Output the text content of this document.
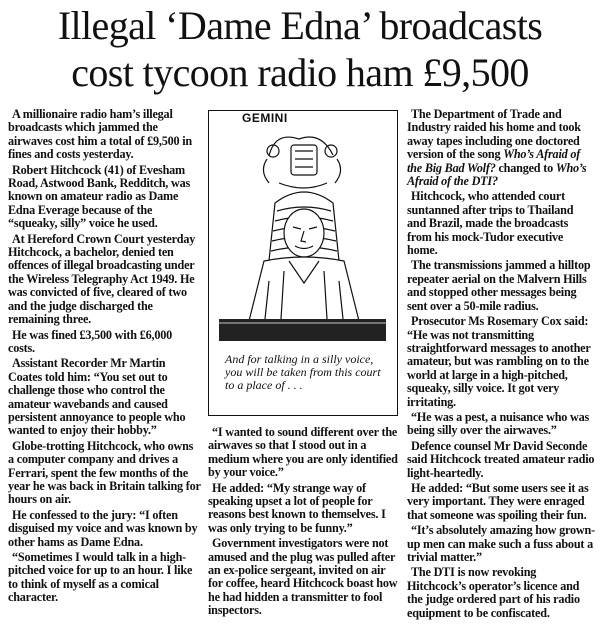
Illegal ‘Dame Edna’ broadcasts
cost tycoon radio ham £9,500

A millionaire radio ham’s illegal broadcasts which jammed the airwaves cost him a total of £9,500 in fines and costs yesterday.

Robert Hitchcock (41) of Evesham Road, Astwood Bank, Redditch, was known on amateur radio as Dame Edna Everage because of the “squeaky, silly” voice he used.

At Hereford Crown Court yesterday Hitchcock, a bachelor, denied ten offences of illegal broadcasting under the Wireless Telegraphy Act 1949. He was convicted of five, cleared of two and the judge discharged the remaining three.

He was fined £3,500 with £6,000 costs.

Assistant Recorder Mr Martin Coates told him: “You set out to challenge those who control the amateur wavebands and caused persistent annoyance to people who wanted to enjoy their hobby.”

Globe-trotting Hitchcock, who owns a computer company and drives a Ferrari, spent the few months of the year he was back in Britain talking for hours on air.

He confessed to the jury: “I often disguised my voice and was known by other hams as Dame Edna.

“Sometimes I would talk in a high-pitched voice for up to an hour. I like to think of myself as a comical character.

GEMINI
And for talking in a silly voice, you will be taken from this court to a place of . . .

“I wanted to sound different over the airwaves so that I stood out in a medium where you are only identified by your voice.”

He added: “My strange way of speaking upset a lot of people for reasons best known to themselves. I was only trying to be funny.”

Government investigators were not amused and the plug was pulled after an ex-police sergeant, invited on air for coffee, heard Hitchcock boast how he had hidden a transmitter to fool inspectors.

The Department of Trade and Industry raided his home and took away tapes including one doctored version of the song Who’s Afraid of the Big Bad Wolf? changed to Who’s Afraid of the DTI?

Hitchcock, who attended court suntanned after trips to Thailand and Brazil, made the broadcasts from his mock-Tudor executive home.

The transmissions jammed a hilltop repeater aerial on the Malvern Hills and stopped other messages being sent over a 50-mile radius.

Prosecutor Ms Rosemary Cox said: “He was not transmitting straightforward messages to another amateur, but was rambling on to the world at large in a high-pitched, squeaky, silly voice. It got very irritating.

“He was a pest, a nuisance who was being silly over the airwaves.”

Defence counsel Mr David Seconde said Hitchcock treated amateur radio light-heartedly.

He added: “But some users see it as very important. They were enraged that someone was spoiling their fun.

“It’s absolutely amazing how grown-up men can make such a fuss about a trivial matter.”

The DTI is now revoking Hitchcock’s operator’s licence and the judge ordered part of his radio equipment to be confiscated.
